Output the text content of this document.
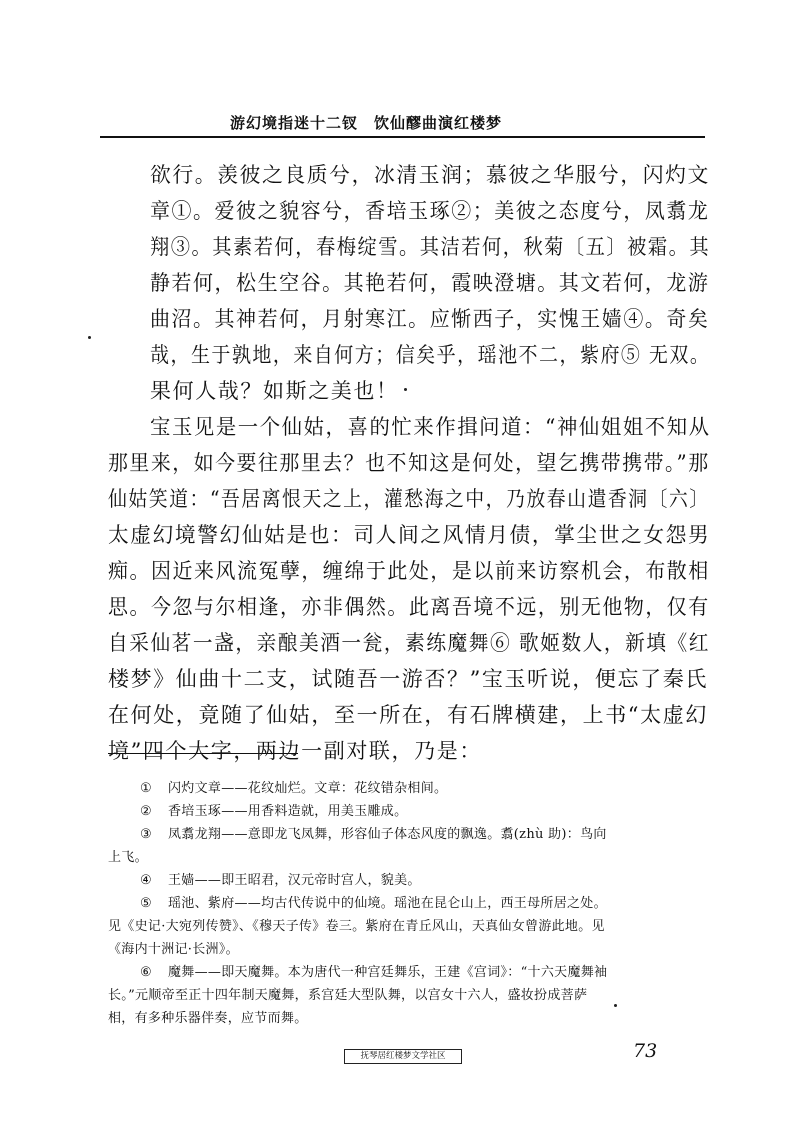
游幻境指迷十二钗　饮仙醪曲演红楼梦
欲行。羡彼之良质兮，冰清玉润；慕彼之华服兮，闪灼文
章①。爱彼之貌容兮，香培玉琢②；美彼之态度兮，凤翥龙
翔③。其素若何，春梅绽雪。其洁若何，秋菊〔五〕被霜。其
静若何，松生空谷。其艳若何，霞映澄塘。其文若何，龙游
曲沼。其神若何，月射寒江。应惭西子，实愧王嫱④。奇矣
哉，生于孰地，来自何方；信矣乎，瑶池不二，紫府⑤ 无双。
果何人哉？如斯之美也！
宝玉见是一个仙姑，喜的忙来作揖问道：“神仙姐姐不知从
那里来，如今要往那里去？也不知这是何处，望乞携带携带。”那
仙姑笑道：“吾居离恨天之上，灌愁海之中，乃放春山遣香洞〔六〕
太虚幻境警幻仙姑是也：司人间之风情月债，掌尘世之女怨男
痴。因近来风流冤孽，缠绵于此处，是以前来访察机会，布散相
思。今忽与尔相逢，亦非偶然。此离吾境不远，别无他物，仅有
自采仙茗一盏，亲酿美酒一瓮，素练魔舞⑥ 歌姬数人，新填《红
楼梦》仙曲十二支，试随吾一游否？”宝玉听说，便忘了秦氏
在何处，竟随了仙姑，至一所在，有石牌横建，上书“太虚幻
境”四个大字，两边一副对联，乃是：
① 闪灼文章——花纹灿烂。文章：花纹错杂相间。
② 香培玉琢——用香料造就，用美玉雕成。
③ 凤翥龙翔——意即龙飞凤舞，形容仙子体态风度的飘逸。翥(zhù 助)：鸟向
上飞。
④ 王嫱——即王昭君，汉元帝时宫人，貌美。
⑤ 瑶池、紫府——均古代传说中的仙境。瑶池在昆仑山上，西王母所居之处。
见《史记·大宛列传赞》、《穆天子传》卷三。紫府在青丘风山，天真仙女曾游此地。见
《海内十洲记·长洲》。
⑥ 魔舞——即天魔舞。本为唐代一种宫廷舞乐，王建《宫词》：“十六天魔舞袖
长。”元顺帝至正十四年制天魔舞，系宫廷大型队舞，以宫女十六人，盛妆扮成菩萨
相，有多种乐器伴奏，应节而舞。
抚琴居红楼梦文学社区	73
